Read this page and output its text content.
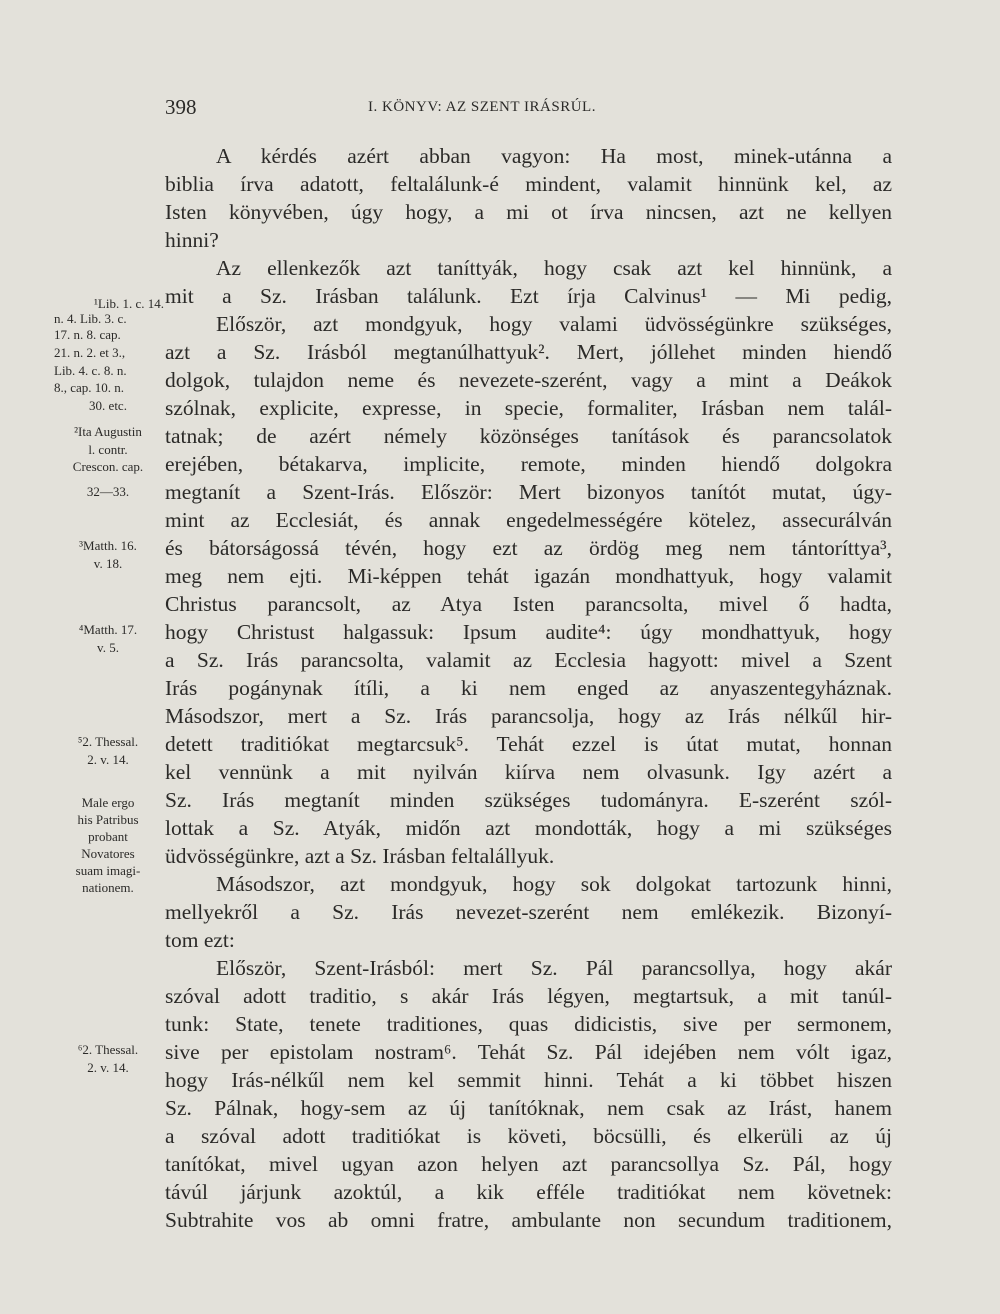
398	I. KÖNYV: AZ SZENT IRÁSRÚL.
A kérdés azért abban vagyon: Ha most, minek-utánna a
biblia írva adatott, feltalálunk-é mindent, valamit hinnünk kel, az
Isten könyvében, úgy hogy, a mi ot írva nincsen, azt ne kellyen
hinni?
Az ellenkezők azt taníttyák, hogy csak azt kel hinnünk, a
mit a Sz. Irásban találunk. Ezt írja Calvinus¹ — Mi pedig,
Először, azt mondgyuk, hogy valami üdvösségünkre szükséges,
azt a Sz. Irásból megtanúlhattyuk². Mert, jóllehet minden hiendő
dolgok, tulajdon neme és nevezete-szerént, vagy a mint a Deákok
szólnak, explicite, expresse, in specie, formaliter, Irásban nem talál-
tatnak; de azért némely közönséges tanítások és parancsolatok
erejében, bétakarva, implicite, remote, minden hiendő dolgokra
megtanít a Szent-Irás. Először: Mert bizonyos tanítót mutat, úgy-
mint az Ecclesiát, és annak engedelmességére kötelez, assecurálván
és bátorságossá tévén, hogy ezt az ördög meg nem tántoríttya³,
meg nem ejti. Mi-képpen tehát igazán mondhattyuk, hogy valamit
Christus parancsolt, az Atya Isten parancsolta, mivel ő hadta,
hogy Christust halgassuk: Ipsum audite⁴: úgy mondhattyuk, hogy
a Sz. Irás parancsolta, valamit az Ecclesia hagyott: mivel a Szent
Irás pogánynak ítíli, a ki nem enged az anyaszentegyháznak.
Másodszor, mert a Sz. Irás parancsolja, hogy az Irás nélkűl hir-
detett traditiókat megtarcsuk⁵. Tehát ezzel is útat mutat, honnan
kel vennünk a mit nyilván kiírva nem olvasunk. Igy azért a
Sz. Irás megtanít minden szükséges tudományra. E-szerént szól-
lottak a Sz. Atyák, midőn azt mondották, hogy a mi szükséges
üdvösségünkre, azt a Sz. Irásban feltalállyuk.
Másodszor, azt mondgyuk, hogy sok dolgokat tartozunk hinni,
mellyekről a Sz. Irás nevezet-szerént nem emlékezik. Bizonyí-
tom ezt:
Először, Szent-Irásból: mert Sz. Pál parancsollya, hogy akár
szóval adott traditio, s akár Irás légyen, megtartsuk, a mit tanúl-
tunk: State, tenete traditiones, quas didicistis, sive per sermonem,
sive per epistolam nostram⁶. Tehát Sz. Pál idejében nem vólt igaz,
hogy Irás-nélkűl nem kel semmit hinni. Tehát a ki többet hiszen
Sz. Pálnak, hogy-sem az új tanítóknak, nem csak az Irást, hanem
a szóval adott traditiókat is követi, böcsülli, és elkerüli az új
tanítókat, mivel ugyan azon helyen azt parancsollya Sz. Pál, hogy
távúl járjunk azoktúl, a kik efféle traditiókat nem követnek:
Subtrahite vos ab omni fratre, ambulante non secundum traditionem,
¹Lib. 1. c. 14.
n. 4. Lib. 3. c.
17. n. 8. cap.
21. n. 2. et 3.,
Lib. 4. c. 8. n.
8., cap. 10. n.
30. etc.
²Ita Augustin
l. contr.
Crescon. cap.
32—33.
³Matth. 16.
v. 18.
⁴Matth. 17.
v. 5.
⁵2. Thessal.
2. v. 14.
Male ergo
his Patribus
probant
Novatores
suam imagi-
nationem.
⁶2. Thessal.
2. v. 14.
